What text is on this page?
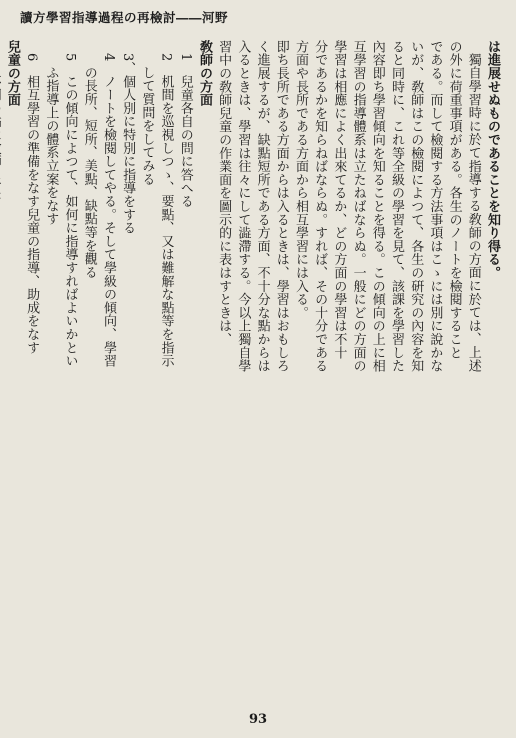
讀方學習指導過程の再檢討――河野

は進展せぬものであることを知り得る。

獨自學習時に於て指導する敎師の方面に於ては、上述

の外に荷重事項がある。各生のノートを檢閱すること

である。而して檢閱する方法事項はこゝには別に說かな

いが、敎師はこの檢閱によつて、各生の硏究の內容を知

ると同時に、これ等全級の學習を見て、該課を學習した

內容即ち學習傾向を知ることを得る。この傾向の上に相

互學習の指導體系は立たねばならぬ。一般にどの方面の

學習は相應によく出來てるか、どの方面の學習は不十

分であるかを知らねばならぬ。すれば、その十分である

方面や長所である方面から相互學習には入る。

即ち長所である方面からは入るときは、學習はおもしろ

く進展するが、缺點短所である方面、不十分な點からは

入るときは、學習は往々にして澁滯する。今以上獨自學

習中の敎師兒童の作業面を圖示的に表はすときは、

敎師の方面

1　兒童各自の問に答へる

2　机間を巡視しつゝ、要點、又は難解な點等を指示

して質問をしてみる

3、個人別に特別に指導をする

4　ノートを檢閱してやる。そして學級の傾向、學習

の長所、短所、美點、缺點等を觀る

5　この傾向によつて、如何に指導すればよいかとい

ふ指導上の體系立案をなす

6　相互學習の準備をなす兒童の指導、助成をなす

兒童の方面

93
